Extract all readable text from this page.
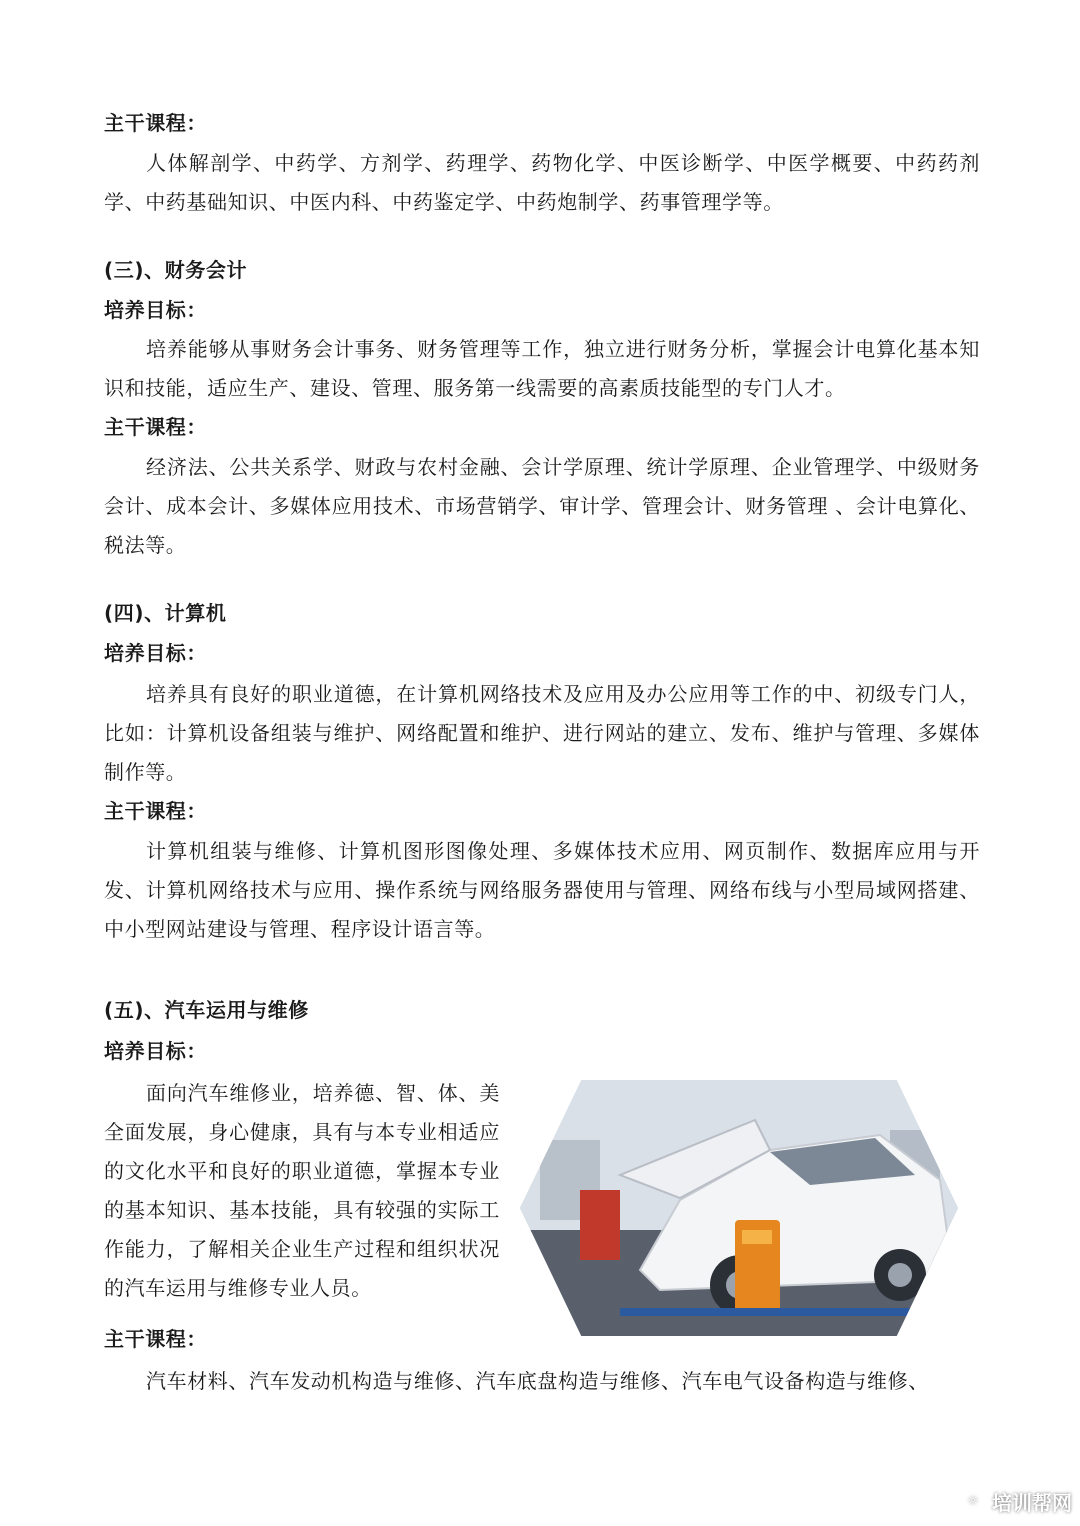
主干课程：

人体解剖学、中药学、方剂学、药理学、药物化学、中医诊断学、中医学概要、中药药剂学、中药基础知识、中医内科、中药鉴定学、中药炮制学、药事管理学等。

(三)、财务会计
培养目标：

培养能够从事财务会计事务、财务管理等工作，独立进行财务分析，掌握会计电算化基本知识和技能，适应生产、建设、管理、服务第一线需要的高素质技能型的专门人才。

主干课程：

经济法、公共关系学、财政与农村金融、会计学原理、统计学原理、企业管理学、中级财务会计、成本会计、多媒体应用技术、市场营销学、审计学、管理会计、财务管理 、会计电算化、税法等。

(四)、计算机
培养目标：

培养具有良好的职业道德，在计算机网络技术及应用及办公应用等工作的中、初级专门人，比如：计算机设备组装与维护、网络配置和维护、进行网站的建立、发布、维护与管理、多媒体制作等。

主干课程：

计算机组装与维修、计算机图形图像处理、多媒体技术应用、网页制作、数据库应用与开发、计算机网络技术与应用、操作系统与网络服务器使用与管理、网络布线与小型局域网搭建、中小型网站建设与管理、程序设计语言等。

(五)、汽车运用与维修
培养目标：

面向汽车维修业，培养德、智、体、美全面发展，身心健康，具有与本专业相适应的文化水平和良好的职业道德，掌握本专业的基本知识、基本技能，具有较强的实际工作能力，了解相关企业生产过程和组织状况的汽车运用与维修专业人员。

主干课程：

汽车材料、汽车发动机构造与维修、汽车底盘构造与维修、汽车电气设备构造与维修、

☼ 培训帮网
